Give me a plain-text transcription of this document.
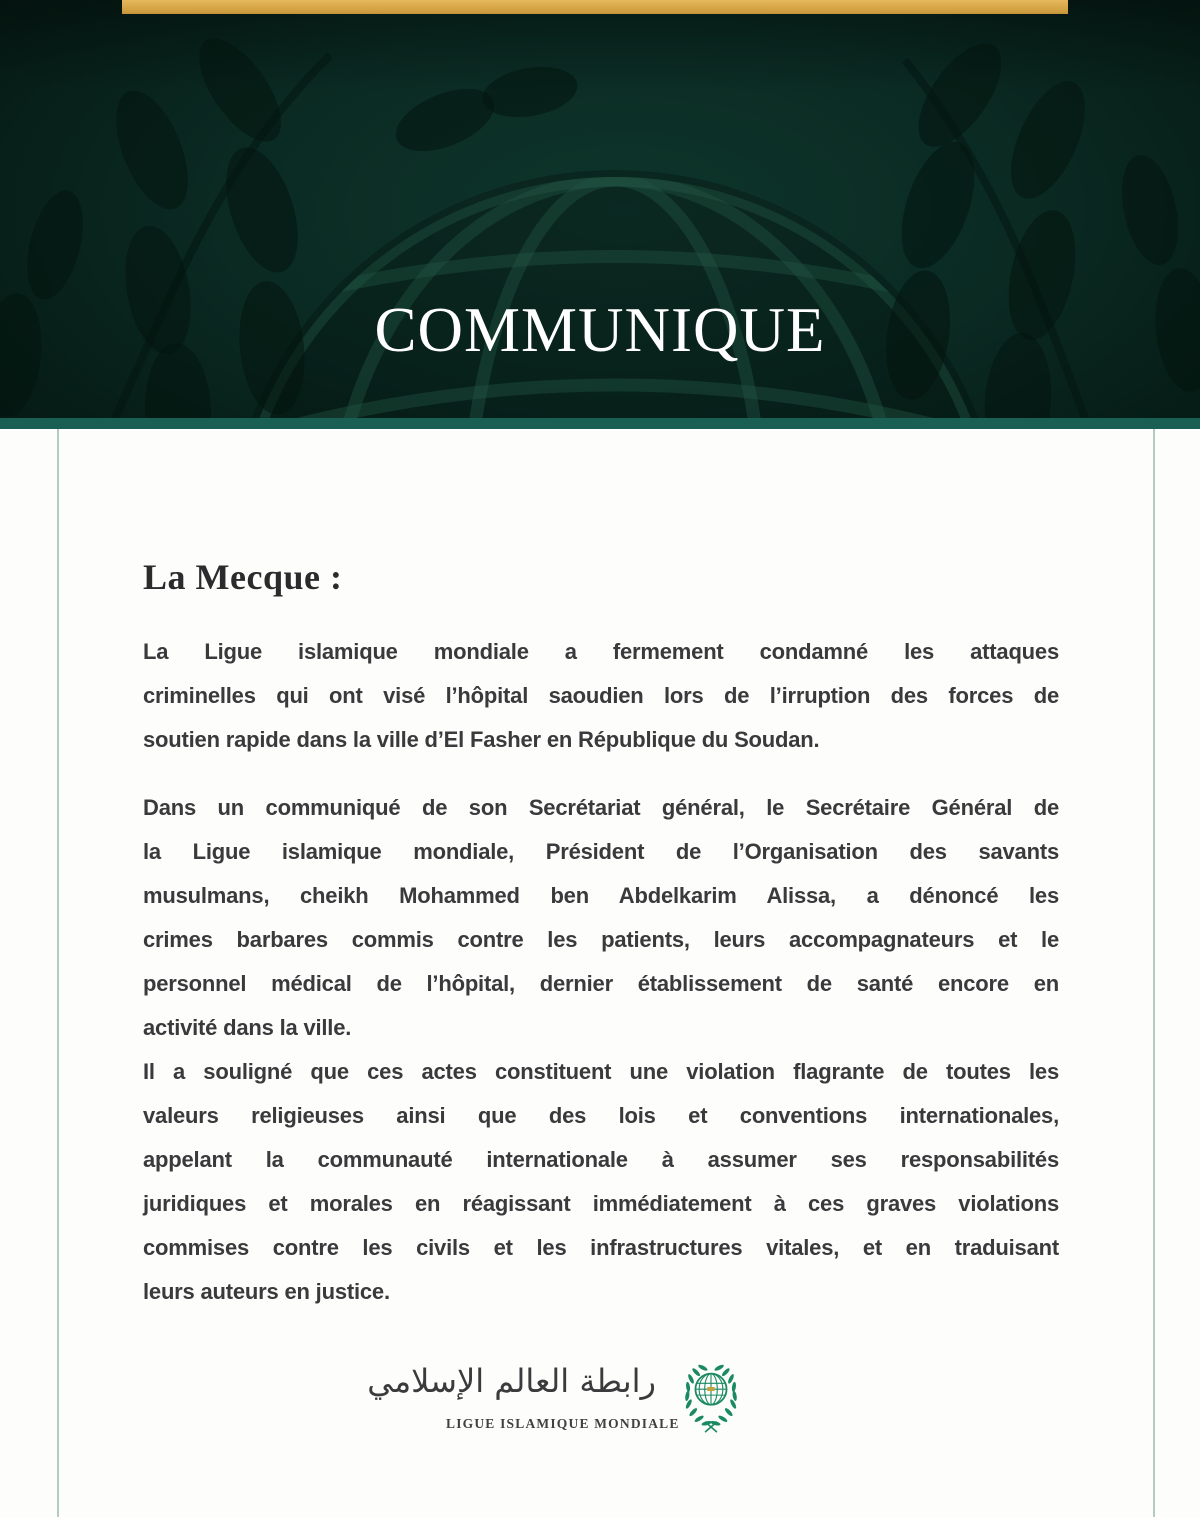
COMMUNIQUE
La Mecque :
La Ligue islamique mondiale a fermement condamné les attaques
criminelles qui ont visé l’hôpital saoudien lors de l’irruption des forces de
soutien rapide dans la ville d’El Fasher en République du Soudan.
Dans un communiqué de son Secrétariat général, le Secrétaire Général de
la Ligue islamique mondiale, Président de l’Organisation des savants
musulmans, cheikh Mohammed ben Abdelkarim Alissa, a dénoncé les
crimes barbares commis contre les patients, leurs accompagnateurs et le
personnel médical de l’hôpital, dernier établissement de santé encore en
activité dans la ville.
Il a souligné que ces actes constituent une violation flagrante de toutes les
valeurs religieuses ainsi que des lois et conventions internationales,
appelant la communauté internationale à assumer ses responsabilités
juridiques et morales en réagissant immédiatement à ces graves violations
commises contre les civils et les infrastructures vitales, et en traduisant
leurs auteurs en justice.
رابطة العالم الإسلامي
LIGUE ISLAMIQUE MONDIALE
